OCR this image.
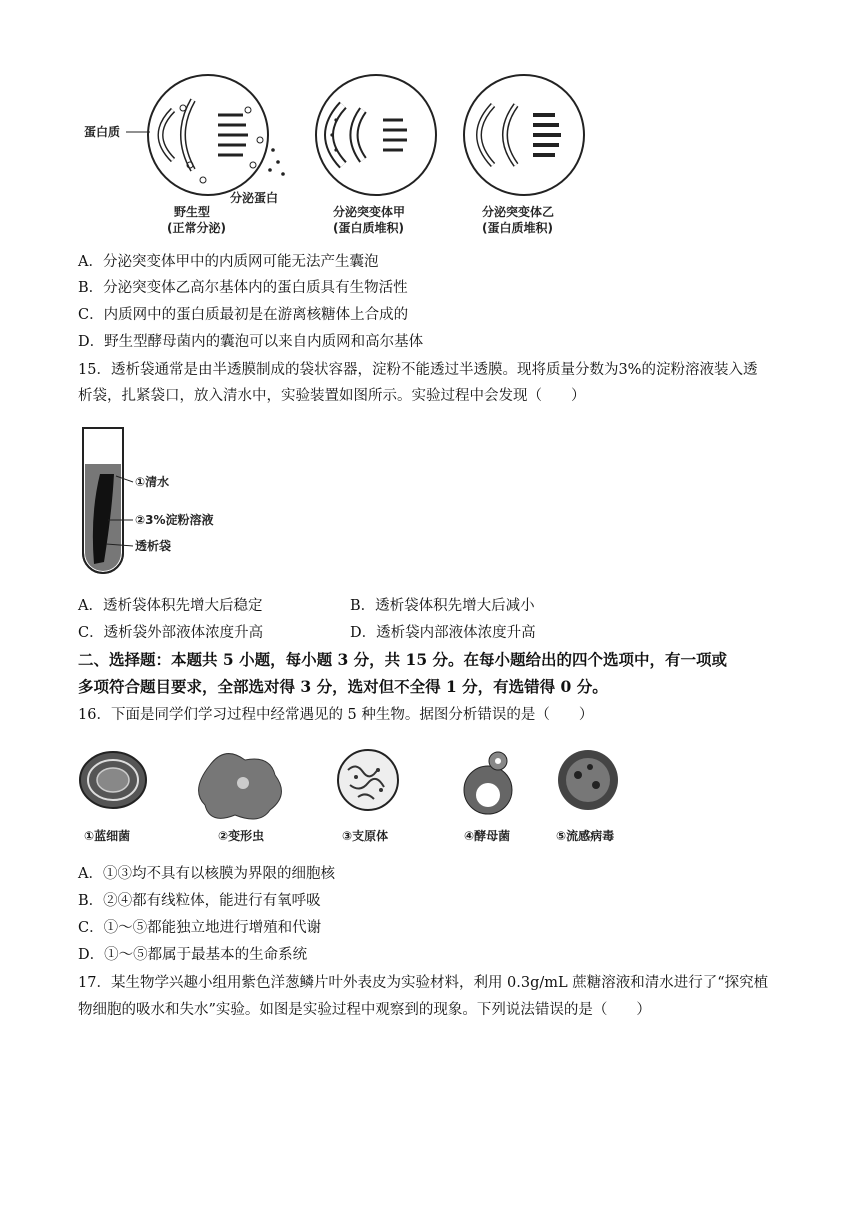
蛋白质
分泌蛋白
野生型
(正常分泌)
分泌突变体甲
(蛋白质堆积)
分泌突变体乙
(蛋白质堆积)
A．分泌突变体甲中的内质网可能无法产生囊泡
B．分泌突变体乙高尔基体内的蛋白质具有生物活性
C．内质网中的蛋白质最初是在游离核糖体上合成的
D．野生型酵母菌内的囊泡可以来自内质网和高尔基体
15．透析袋通常是由半透膜制成的袋状容器，淀粉不能透过半透膜。现将质量分数为3%的淀粉溶液装入透
析袋，扎紧袋口，放入清水中，实验装置如图所示。实验过程中会发现（　　）
①清水
②3%淀粉溶液
透析袋
A．透析袋体积先增大后稳定	B．透析袋体积先增大后减小
C．透析袋外部液体浓度升高	D．透析袋内部液体浓度升高
二、选择题：本题共 5 小题，每小题 3 分，共 15 分。在每小题给出的四个选项中，有一项或
多项符合题目要求，全部选对得 3 分，选对但不全得 1 分，有选错得 0 分。
16．下面是同学们学习过程中经常遇见的 5 种生物。据图分析错误的是（　　）
①蓝细菌	②变形虫	③支原体	④酵母菌	⑤流感病毒
A．①③均不具有以核膜为界限的细胞核
B．②④都有线粒体，能进行有氧呼吸
C．①～⑤都能独立地进行增殖和代谢
D．①～⑤都属于最基本的生命系统
17．某生物学兴趣小组用紫色洋葱鳞片叶外表皮为实验材料，利用 0.3g/mL 蔗糖溶液和清水进行了“探究植
物细胞的吸水和失水”实验。如图是实验过程中观察到的现象。下列说法错误的是（　　）
